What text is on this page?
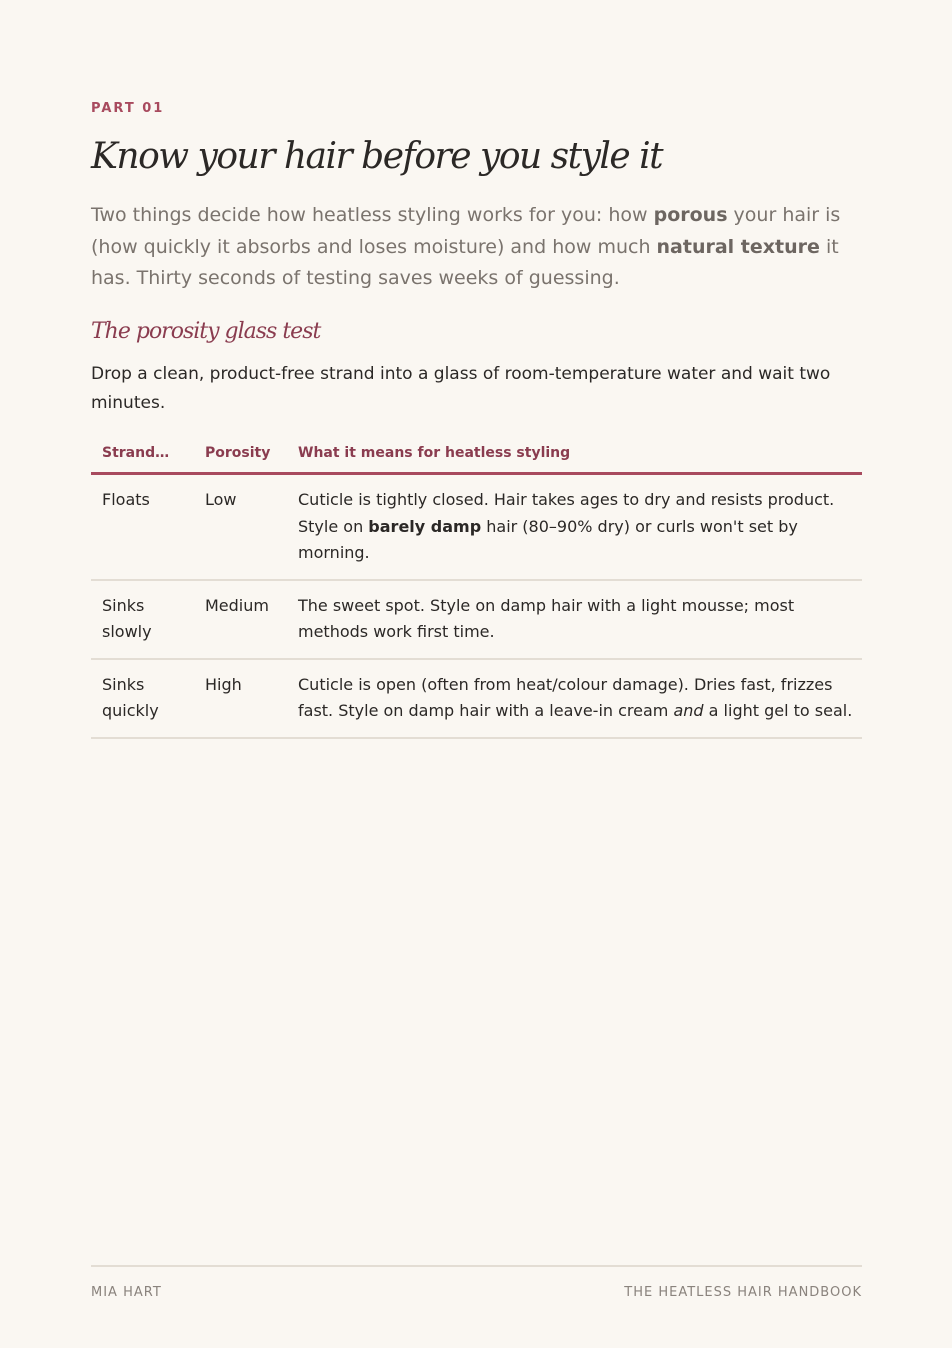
PART 01
Know your hair before you style it

Two things decide how heatless styling works for you: how porous your hair is (how quickly it absorbs and loses moisture) and how much natural texture it has. Thirty seconds of testing saves weeks of guessing.

The porosity glass test

Drop a clean, product-free strand into a glass of room-temperature water and wait two minutes.

Strand…	Porosity	What it means for heatless styling
Floats	Low	Cuticle is tightly closed. Hair takes ages to dry and resists product. Style on barely damp hair (80–90% dry) or curls won't set by morning.
Sinks slowly	Medium	The sweet spot. Style on damp hair with a light mousse; most methods work first time.
Sinks quickly	High	Cuticle is open (often from heat/colour damage). Dries fast, frizzes fast. Style on damp hair with a leave-in cream and a light gel to seal.
MIA HART	THE HEATLESS HAIR HANDBOOK
